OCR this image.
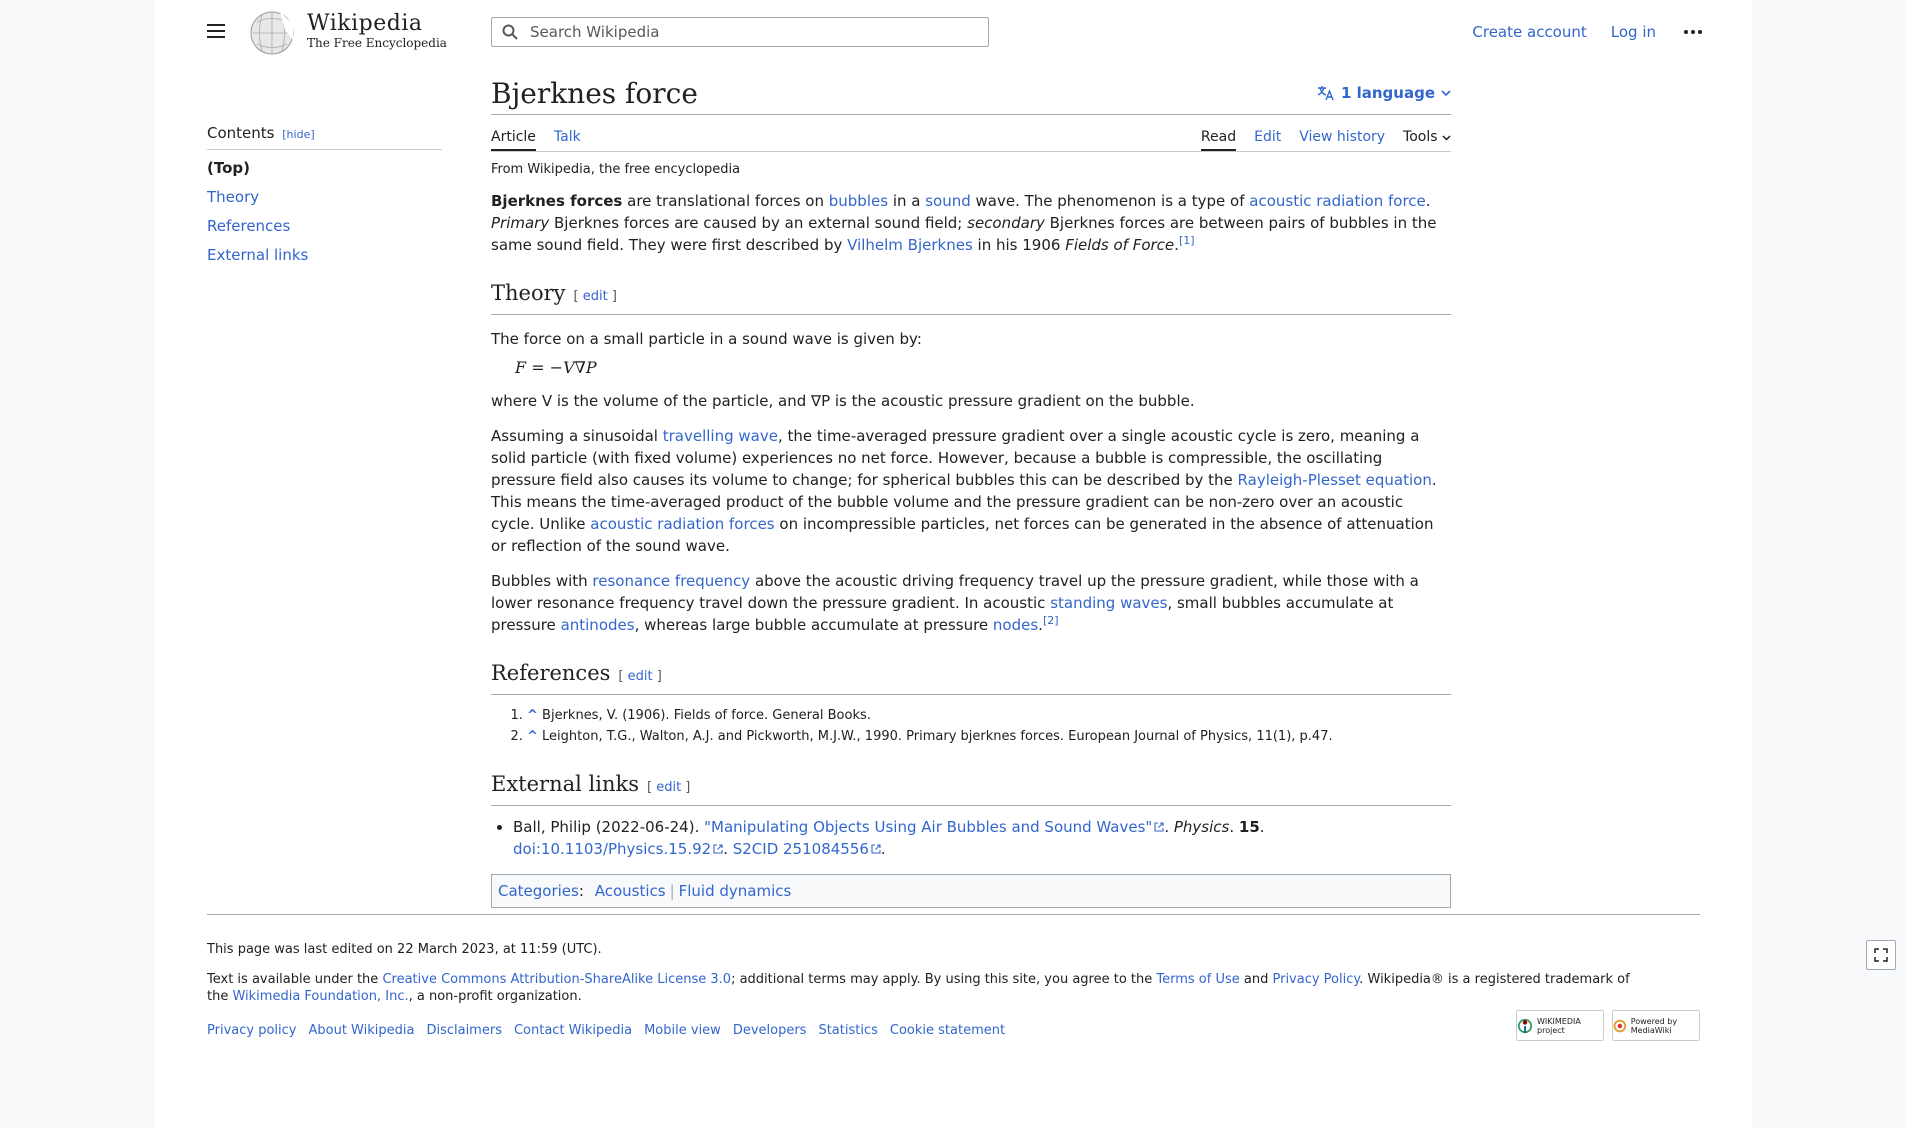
Wikipedia
The Free Encyclopedia
Search Wikipedia
Create account Log in
Contents [hide]
(Top)
Theory
References
External links
Bjerknes force	1 language
Article Talk	Read Edit View history Tools
From Wikipedia, the free encyclopedia

Bjerknes forces are translational forces on bubbles in a sound wave. The phenomenon is a type of acoustic radiation force. Primary Bjerknes forces are caused by an external sound field; secondary Bjerknes forces are between pairs of bubbles in the same sound field. They were first described by Vilhelm Bjerknes in his 1906 Fields of Force.[1]

Theory [ edit ]

The force on a small particle in a sound wave is given by:

F = −V∇P

where V is the volume of the particle, and ∇P is the acoustic pressure gradient on the bubble.

Assuming a sinusoidal travelling wave, the time-averaged pressure gradient over a single acoustic cycle is zero, meaning a solid particle (with fixed volume) experiences no net force. However, because a bubble is compressible, the oscillating pressure field also causes its volume to change; for spherical bubbles this can be described by the Rayleigh-Plesset equation. This means the time-averaged product of the bubble volume and the pressure gradient can be non-zero over an acoustic cycle. Unlike acoustic radiation forces on incompressible particles, net forces can be generated in the absence of attenuation or reflection of the sound wave.

Bubbles with resonance frequency above the acoustic driving frequency travel up the pressure gradient, while those with a lower resonance frequency travel down the pressure gradient. In acoustic standing waves, small bubbles accumulate at pressure antinodes, whereas large bubble accumulate at pressure nodes.[2]

References [ edit ]
1. ^ Bjerknes, V. (1906). Fields of force. General Books.
2. ^ Leighton, T.G., Walton, A.J. and Pickworth, M.J.W., 1990. Primary bjerknes forces. European Journal of Physics, 11(1), p.47.
External links [ edit ]
• Ball, Philip (2022-06-24). "Manipulating Objects Using Air Bubbles and Sound Waves" . Physics. 15. doi:10.1103/Physics.15.92 . S2CID 251084556 .
Categories: Acoustics | Fluid dynamics
This page was last edited on 22 March 2023, at 11:59 (UTC).
Text is available under the Creative Commons Attribution-ShareAlike License 3.0; additional terms may apply. By using this site, you agree to the Terms of Use and Privacy Policy. Wikipedia® is a registered trademark of the Wikimedia Foundation, Inc., a non-profit organization.
Privacy policy About Wikipedia Disclaimers Contact Wikipedia Mobile view Developers Statistics Cookie statement
WIKIMEDIA project
Powered by MediaWiki
